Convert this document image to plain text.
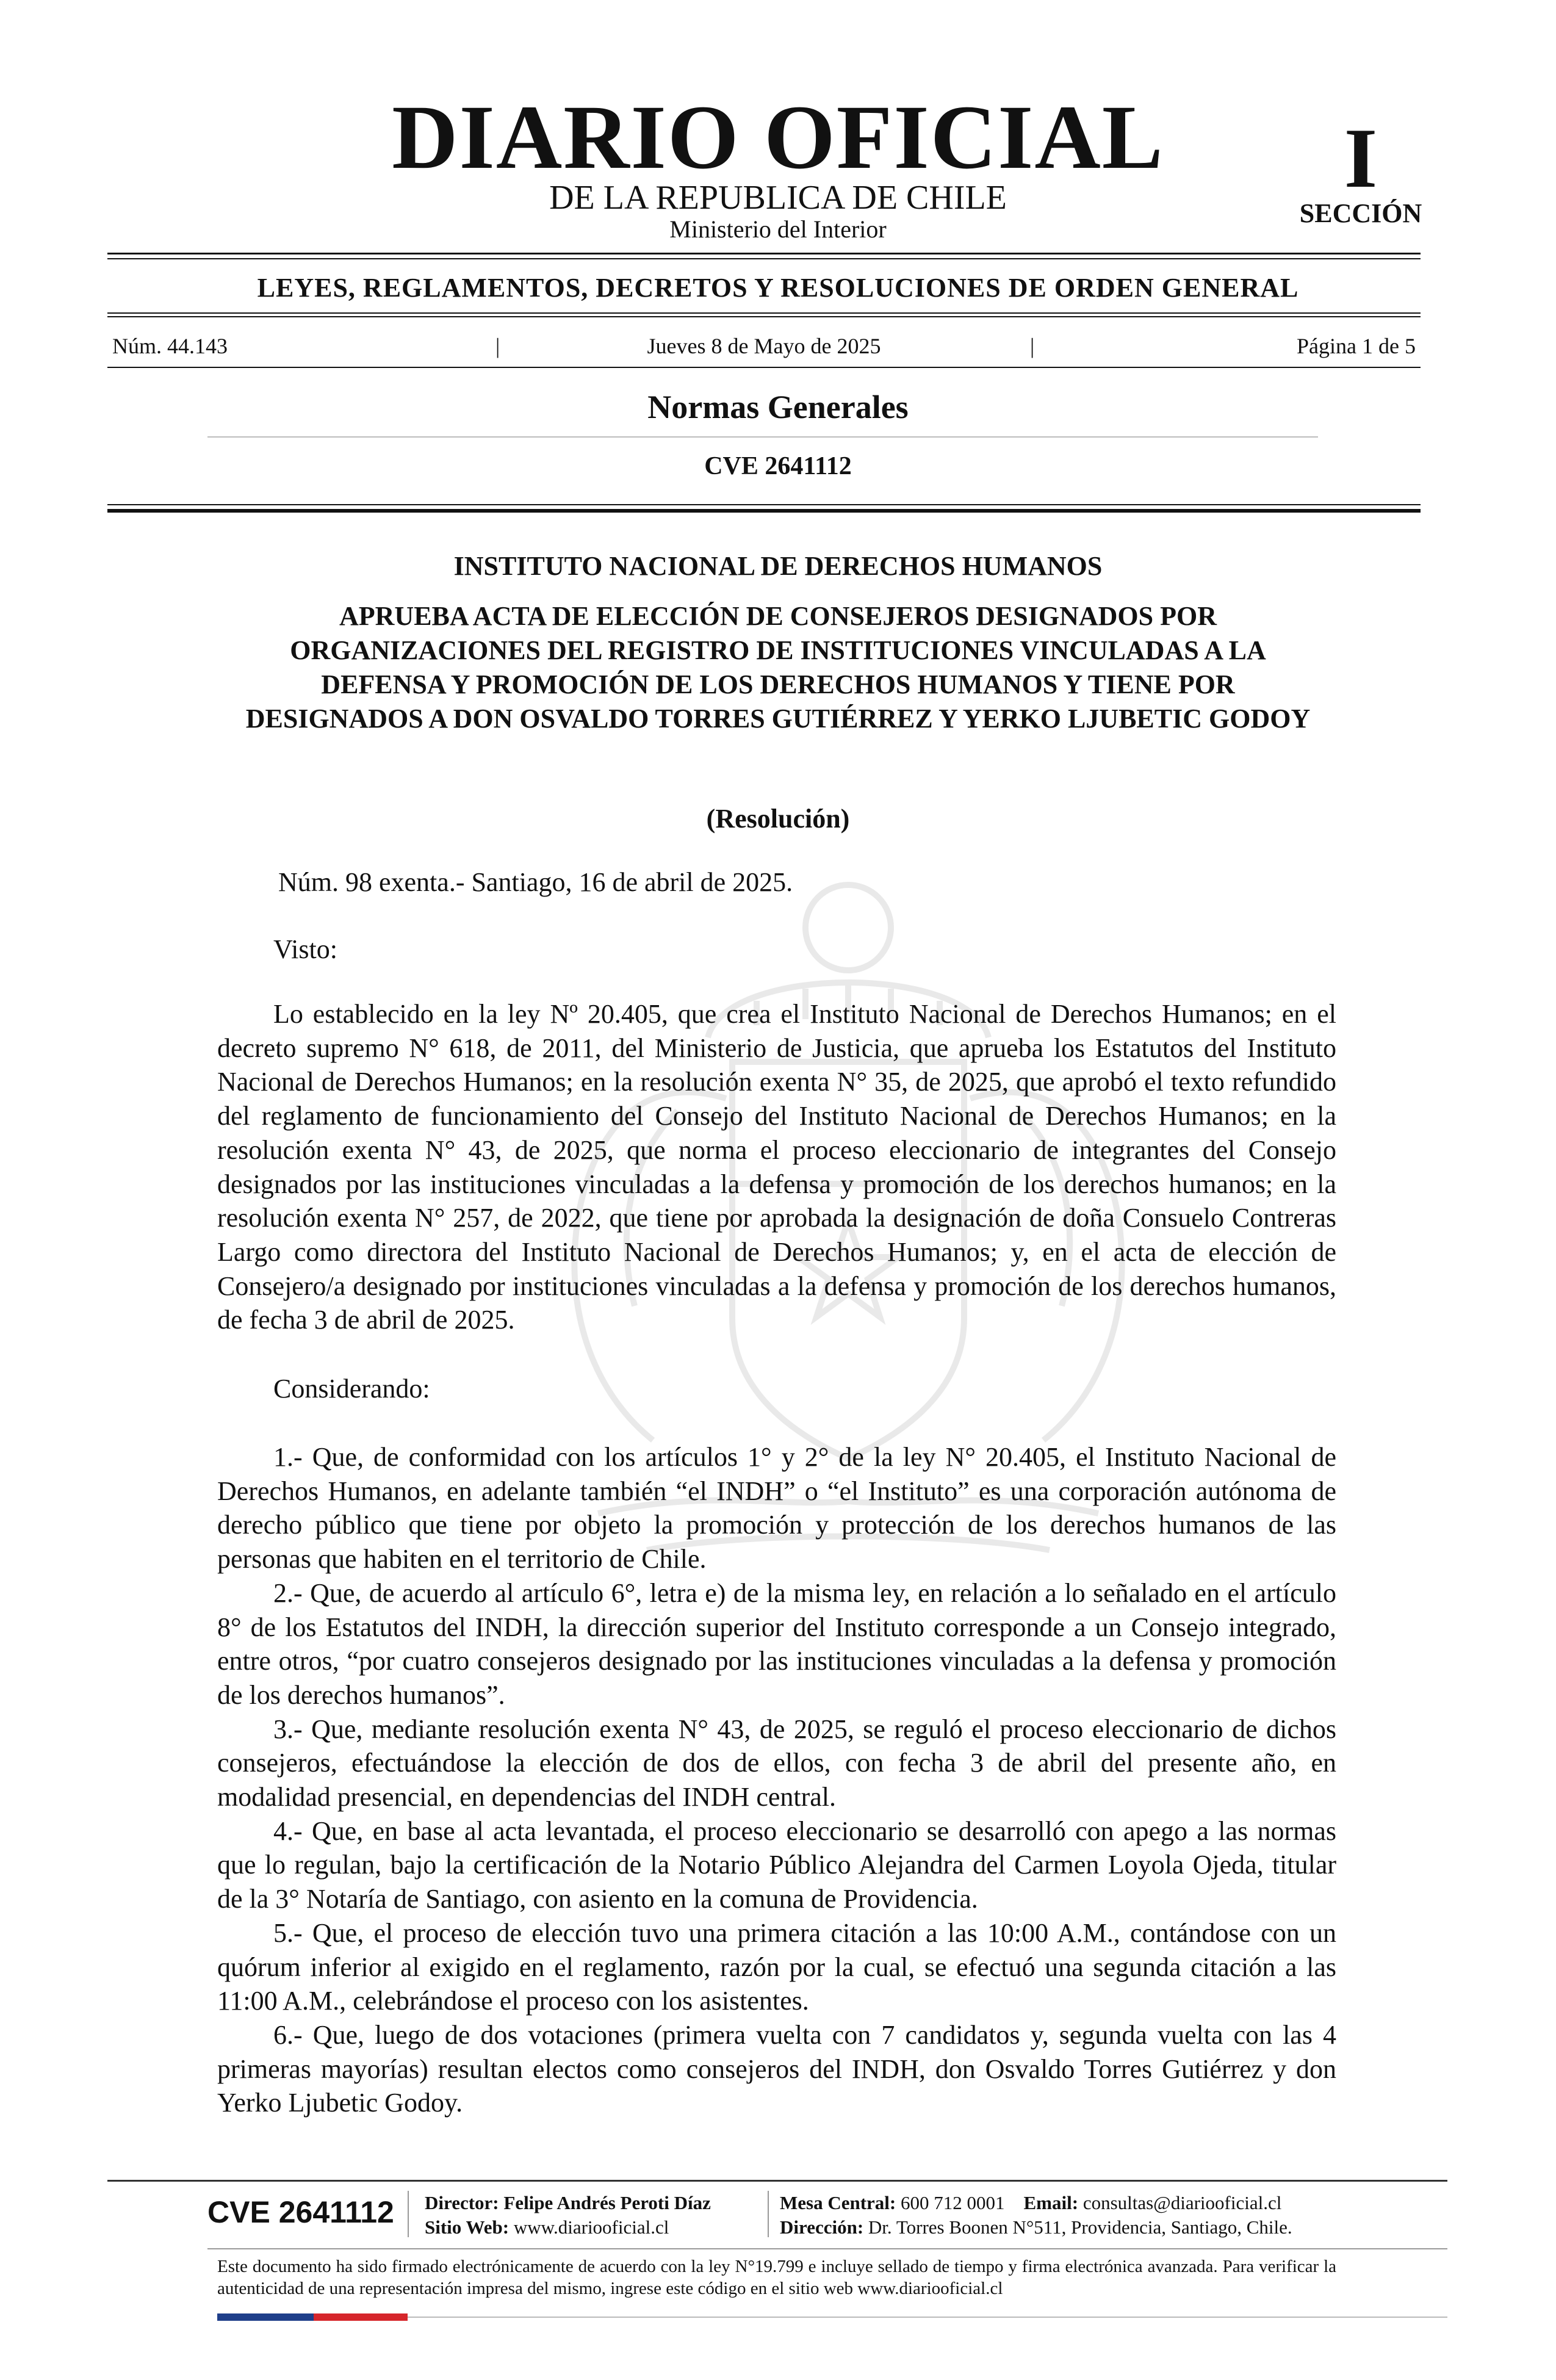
DIARIO OFICIAL
DE LA REPUBLICA DE CHILE
Ministerio del Interior
I
SECCIÓN
LEYES, REGLAMENTOS, DECRETOS Y RESOLUCIONES DE ORDEN GENERAL
Núm. 44.143	|	Jueves 8 de Mayo de 2025	|	Página 1 de 5
Normas Generales
CVE 2641112
INSTITUTO NACIONAL DE DERECHOS HUMANOS
APRUEBA ACTA DE ELECCIÓN DE CONSEJEROS DESIGNADOS POR ORGANIZACIONES DEL REGISTRO DE INSTITUCIONES VINCULADAS A LA DEFENSA Y PROMOCIÓN DE LOS DERECHOS HUMANOS Y TIENE POR DESIGNADOS A DON OSVALDO TORRES GUTIÉRREZ Y YERKO LJUBETIC GODOY
(Resolución)
Núm. 98 exenta.- Santiago, 16 de abril de 2025.
Visto:
Lo establecido en la ley Nº 20.405, que crea el Instituto Nacional de Derechos Humanos; en el decreto supremo N° 618, de 2011, del Ministerio de Justicia, que aprueba los Estatutos del Instituto Nacional de Derechos Humanos; en la resolución exenta N° 35, de 2025, que aprobó el texto refundido del reglamento de funcionamiento del Consejo del Instituto Nacional de Derechos Humanos; en la resolución exenta N° 43, de 2025, que norma el proceso eleccionario de integrantes del Consejo designados por las instituciones vinculadas a la defensa y promoción de los derechos humanos; en la resolución exenta N° 257, de 2022, que tiene por aprobada la designación de doña Consuelo Contreras Largo como directora del Instituto Nacional de Derechos Humanos; y, en el acta de elección de Consejero/a designado por instituciones vinculadas a la defensa y promoción de los derechos humanos, de fecha 3 de abril de 2025.
Considerando:

1.- Que, de conformidad con los artículos 1° y 2° de la ley N° 20.405, el Instituto Nacional de Derechos Humanos, en adelante también “el INDH” o “el Instituto” es una corporación autónoma de derecho público que tiene por objeto la promoción y protección de los derechos humanos de las personas que habiten en el territorio de Chile.

2.- Que, de acuerdo al artículo 6°, letra e) de la misma ley, en relación a lo señalado en el artículo 8° de los Estatutos del INDH, la dirección superior del Instituto corresponde a un Consejo integrado, entre otros, “por cuatro consejeros designado por las instituciones vinculadas a la defensa y promoción de los derechos humanos”.

3.- Que, mediante resolución exenta N° 43, de 2025, se reguló el proceso eleccionario de dichos consejeros, efectuándose la elección de dos de ellos, con fecha 3 de abril del presente año, en modalidad presencial, en dependencias del INDH central.

4.- Que, en base al acta levantada, el proceso eleccionario se desarrolló con apego a las normas que lo regulan, bajo la certificación de la Notario Público Alejandra del Carmen Loyola Ojeda, titular de la 3° Notaría de Santiago, con asiento en la comuna de Providencia.

5.- Que, el proceso de elección tuvo una primera citación a las 10:00 A.M., contándose con un quórum inferior al exigido en el reglamento, razón por la cual, se efectuó una segunda citación a las 11:00 A.M., celebrándose el proceso con los asistentes.

6.- Que, luego de dos votaciones (primera vuelta con 7 candidatos y, segunda vuelta con las 4 primeras mayorías) resultan electos como consejeros del INDH, don Osvaldo Torres Gutiérrez y don Yerko Ljubetic Godoy.

CVE 2641112 Director: Felipe Andrés Peroti Díaz
Sitio Web: www.diariooficial.cl
Mesa Central: 600 712 0001 Email: consultas@diariooficial.cl
Dirección: Dr. Torres Boonen N°511, Providencia, Santiago, Chile.
Este documento ha sido firmado electrónicamente de acuerdo con la ley N°19.799 e incluye sellado de tiempo y firma electrónica avanzada. Para verificar la autenticidad de una representación impresa del mismo, ingrese este código en el sitio web www.diariooficial.cl
